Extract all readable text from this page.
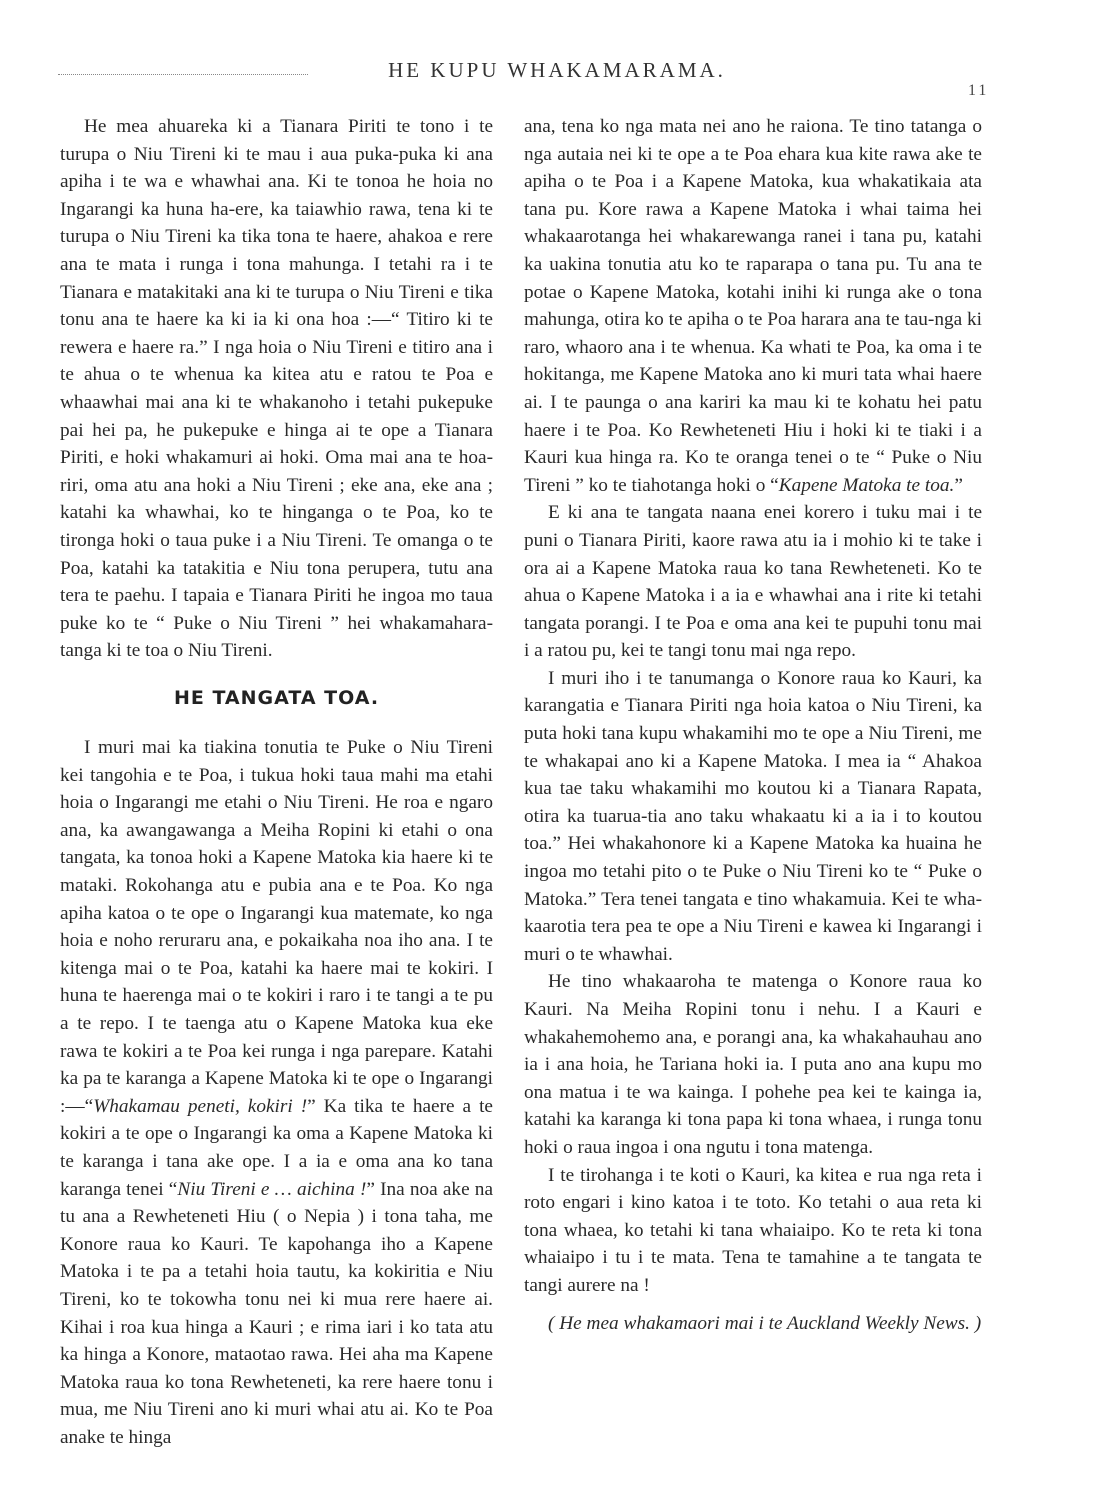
HE KUPU WHAKAMARAMA.
11

He mea ahuareka ki a Tianara Piriti te tono i te turupa o Niu Tireni ki te mau i aua puka-puka ki ana apiha i te wa e whawhai ana. Ki te tonoa he hoia no Ingarangi ka huna ha-ere, ka taiawhio rawa, tena ki te turupa o Niu Tireni ka tika tona te haere, ahakoa e rere ana te mata i runga i tona mahunga. I tetahi ra i te Tianara e matakitaki ana ki te turupa o Niu Tireni e tika tonu ana te haere ka ki ia ki ona hoa :—“ Titiro ki te rewera e haere ra.” I nga hoia o Niu Tireni e titiro ana i te ahua o te whenua ka kitea atu e ratou te Poa e whaawhai mai ana ki te whakanoho i tetahi pukepuke pai hei pa, he pukepuke e hinga ai te ope a Tianara Piriti, e hoki whakamuri ai hoki. Oma mai ana te hoa-riri, oma atu ana hoki a Niu Tireni ; eke ana, eke ana ; katahi ka whawhai, ko te hinganga o te Poa, ko te tironga hoki o taua puke i a Niu Tireni. Te omanga o te Poa, katahi ka tatakitia e Niu tona perupera, tutu ana tera te paehu. I tapaia e Tianara Piriti he ingoa mo taua puke ko te “ Puke o Niu Tireni ” hei whakamahara-tanga ki te toa o Niu Tireni.

HE TANGATA TOA.

I muri mai ka tiakina tonutia te Puke o Niu Tireni kei tangohia e te Poa, i tukua hoki taua mahi ma etahi hoia o Ingarangi me etahi o Niu Tireni. He roa e ngaro ana, ka awangawanga a Meiha Ropini ki etahi o ona tangata, ka tonoa hoki a Kapene Matoka kia haere ki te mataki. Rokohanga atu e pubia ana e te Poa. Ko nga apiha katoa o te ope o Ingarangi kua matemate, ko nga hoia e noho reruraru ana, e pokaikaha noa iho ana. I te kitenga mai o te Poa, katahi ka haere mai te kokiri. I huna te haerenga mai o te kokiri i raro i te tangi a te pu a te repo. I te taenga atu o Kapene Matoka kua eke rawa te kokiri a te Poa kei runga i nga parepare. Katahi ka pa te karanga a Kapene Matoka ki te ope o Ingarangi :—“Whakamau peneti, kokiri !” Ka tika te haere a te kokiri a te ope o Ingarangi ka oma a Kapene Matoka ki te karanga i tana ake ope. I a ia e oma ana ko tana karanga tenei “Niu Tireni e … aichina !” Ina noa ake na tu ana a Rewheteneti Hiu ( o Nepia ) i tona taha, me Konore raua ko Kauri. Te kapohanga iho a Kapene Matoka i te pa a tetahi hoia tautu, ka kokiritia e Niu Tireni, ko te tokowha tonu nei ki mua rere haere ai. Kihai i roa kua hinga a Kauri ; e rima iari i ko tata atu ka hinga a Konore, mataotao rawa. Hei aha ma Kapene Matoka raua ko tona Rewheteneti, ka rere haere tonu i mua, me Niu Tireni ano ki muri whai atu ai. Ko te Poa anake te hinga

ana, tena ko nga mata nei ano he raiona. Te tino tatanga o nga autaia nei ki te ope a te Poa ehara kua kite rawa ake te apiha o te Poa i a Kapene Matoka, kua whakatikaia ata tana pu. Kore rawa a Kapene Matoka i whai taima hei whakaarotanga hei whakarewanga ranei i tana pu, katahi ka uakina tonutia atu ko te raparapa o tana pu. Tu ana te potae o Kapene Matoka, kotahi inihi ki runga ake o tona mahunga, otira ko te apiha o te Poa harara ana te tau-nga ki raro, whaoro ana i te whenua. Ka whati te Poa, ka oma i te hokitanga, me Kapene Matoka ano ki muri tata whai haere ai. I te paunga o ana kariri ka mau ki te kohatu hei patu haere i te Poa. Ko Rewheteneti Hiu i hoki ki te tiaki i a Kauri kua hinga ra. Ko te oranga tenei o te “ Puke o Niu Tireni ” ko te tiahotanga hoki o “Kapene Matoka te toa.”

E ki ana te tangata naana enei korero i tuku mai i te puni o Tianara Piriti, kaore rawa atu ia i mohio ki te take i ora ai a Kapene Matoka raua ko tana Rewheteneti. Ko te ahua o Kapene Matoka i a ia e whawhai ana i rite ki tetahi tangata porangi. I te Poa e oma ana kei te pupuhi tonu mai i a ratou pu, kei te tangi tonu mai nga repo.

I muri iho i te tanumanga o Konore raua ko Kauri, ka karangatia e Tianara Piriti nga hoia katoa o Niu Tireni, ka puta hoki tana kupu whakamihi mo te ope a Niu Tireni, me te whakapai ano ki a Kapene Matoka. I mea ia “ Ahakoa kua tae taku whakamihi mo koutou ki a Tianara Rapata, otira ka tuarua-tia ano taku whakaatu ki a ia i to koutou toa.” Hei whakahonore ki a Kapene Matoka ka huaina he ingoa mo tetahi pito o te Puke o Niu Tireni ko te “ Puke o Matoka.” Tera tenei tangata e tino whakamuia. Kei te wha-kaarotia tera pea te ope a Niu Tireni e kawea ki Ingarangi i muri o te whawhai.

He tino whakaaroha te matenga o Konore raua ko Kauri. Na Meiha Ropini tonu i nehu. I a Kauri e whakahemohemo ana, e porangi ana, ka whakahauhau ano ia i ana hoia, he Tariana hoki ia. I puta ano ana kupu mo ona matua i te wa kainga. I pohehe pea kei te kainga ia, katahi ka karanga ki tona papa ki tona whaea, i runga tonu hoki o raua ingoa i ona ngutu i tona matenga.

I te tirohanga i te koti o Kauri, ka kitea e rua nga reta i roto engari i kino katoa i te toto. Ko tetahi o aua reta ki tona whaea, ko tetahi ki tana whaiaipo. Ko te reta ki tona whaiaipo i tu i te mata. Tena te tamahine a te tangata te tangi aurere na !

( He mea whakamaori mai i te Auckland Weekly News. )
